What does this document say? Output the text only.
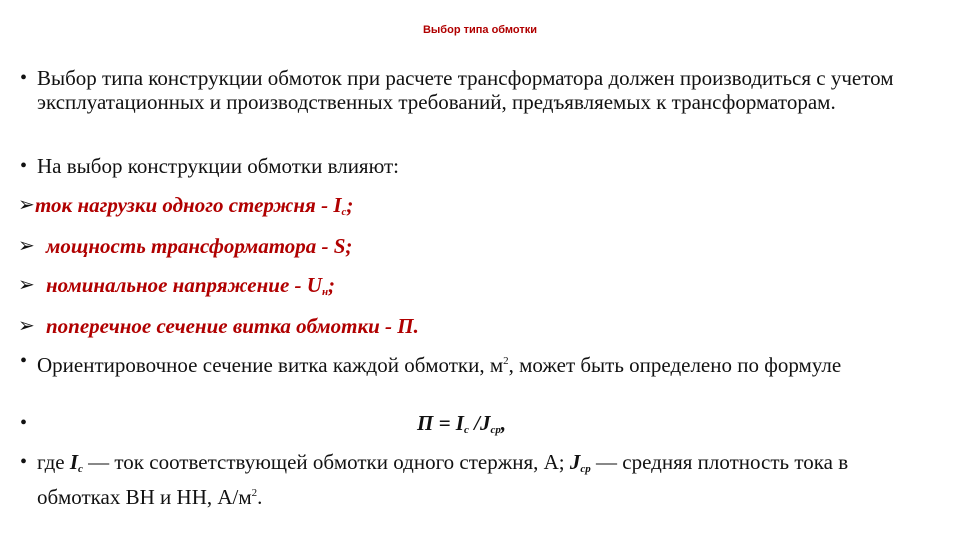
Выбор типа обмотки
• Выбор типа конструкции обмоток при расчете трансформатора должен производиться с учетом эксплуатационных и производственных требований, предъявляемых к трансформаторам.
• На выбор конструкции обмотки влияют:
➢ ток нагрузки одного стержня - $I_c$;
➢ мощность трансформатора - S;
➢ номинальное напряжение - $U_н$;
➢ поперечное сечение витка обмотки - П.
• Ориентировочное сечение витка каждой обмотки, $м^2$, может быть определено по формуле
•	$П = I_c$ $/J_{ср}$,
• где $I_c$ — ток соответствующей обмотки одного стержня, А; $J_{ср}$ — средняя плотность тока в обмотках ВН и НН, $А/м^2$.
